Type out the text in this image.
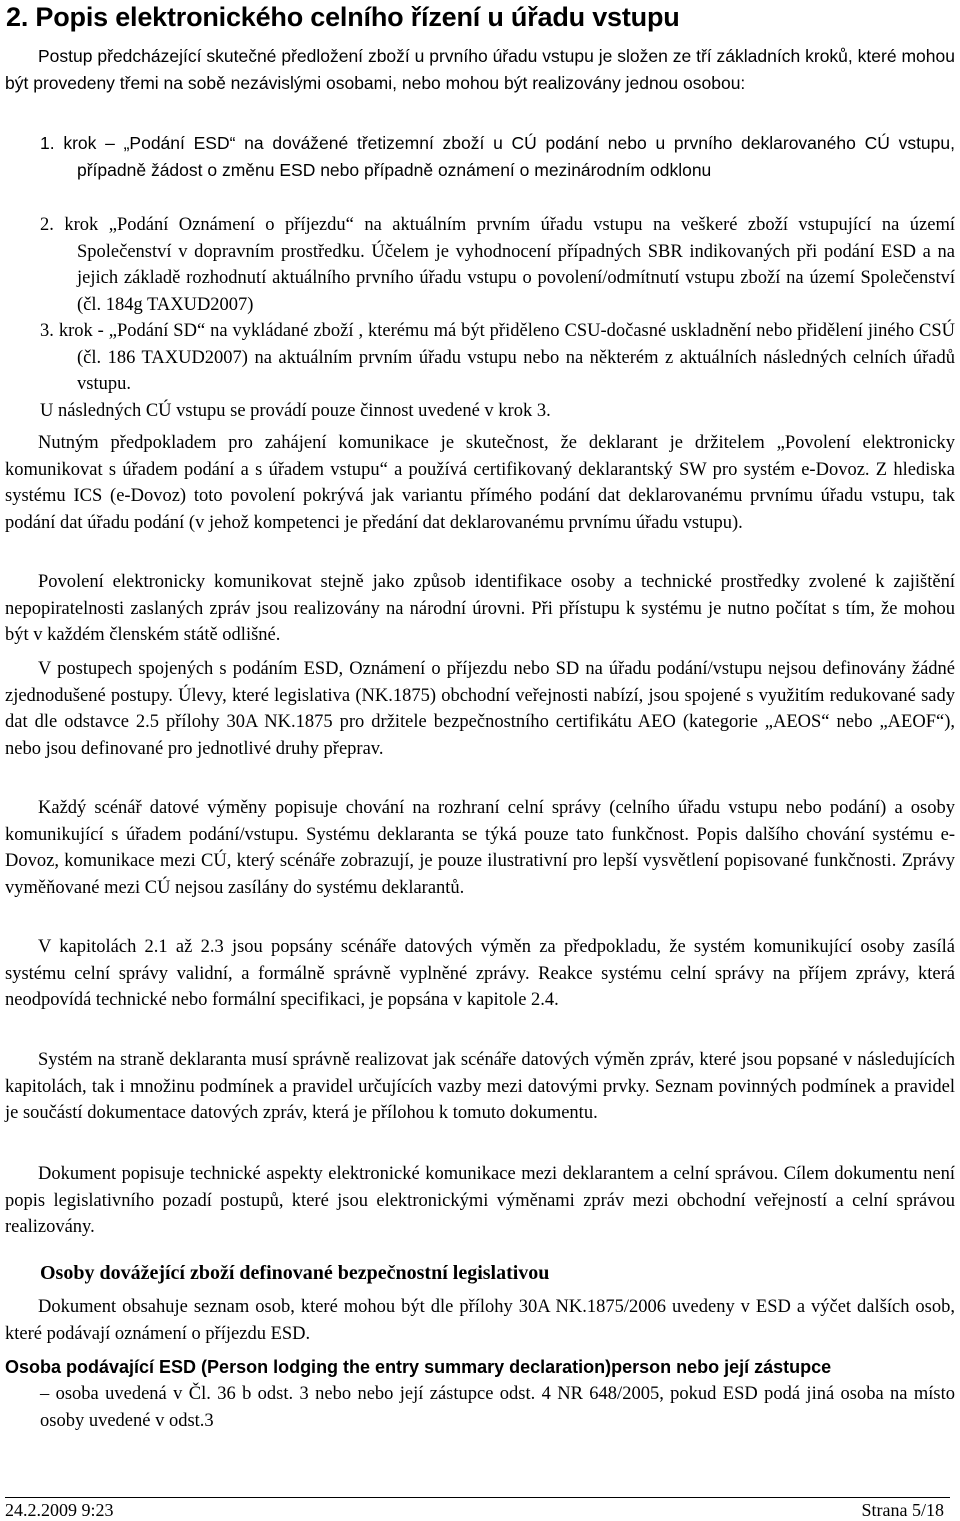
2. Popis elektronického celního řízení u úřadu vstupu

Postup předcházející skutečné předložení zboží u prvního úřadu vstupu je složen ze tří základních kroků, které mohou být provedeny třemi na sobě nezávislými osobami, nebo mohou být realizovány jednou osobou:

1. krok – „Podání ESD“ na dovážené třetizemní zboží u CÚ podání nebo u prvního deklarovaného CÚ vstupu, případně žádost o změnu ESD nebo případně oznámení o mezinárodním odklonu
2. krok „Podání Oznámení o příjezdu“ na aktuálním prvním úřadu vstupu na veškeré zboží vstupující na území Společenství v dopravním prostředku. Účelem je vyhodnocení případných SBR indikovaných při podání ESD a na jejich základě rozhodnutí aktuálního prvního úřadu vstupu o povolení/odmítnutí vstupu zboží na území Společenství (čl. 184g TAXUD2007)
3. krok - „Podání SD“ na vykládané zboží , kterému má být přiděleno CSU-dočasné uskladnění nebo přidělení jiného CSÚ (čl. 186 TAXUD2007) na aktuálním prvním úřadu vstupu nebo na některém z aktuálních následných celních úřadů vstupu.

U následných CÚ vstupu se provádí pouze činnost uvedené v krok 3.

Nutným předpokladem pro zahájení komunikace je skutečnost, že deklarant je držitelem „Povolení elektronicky komunikovat s úřadem podání a s úřadem vstupu“ a používá certifikovaný deklarantský SW pro systém e-Dovoz. Z hlediska systému ICS (e-Dovoz) toto povolení pokrývá jak variantu přímého podání dat deklarovanému prvnímu úřadu vstupu, tak podání dat úřadu podání (v jehož kompetenci je předání dat deklarovanému prvnímu úřadu vstupu).

Povolení elektronicky komunikovat stejně jako způsob identifikace osoby a technické prostředky zvolené k zajištění nepopiratelnosti zaslaných zpráv jsou realizovány na národní úrovni. Při přístupu k systému je nutno počítat s tím, že mohou být v každém členském státě odlišné.

V postupech spojených s podáním ESD, Oznámení o příjezdu nebo SD na úřadu podání/vstupu nejsou definovány žádné zjednodušené postupy. Úlevy, které legislativa (NK.1875) obchodní veřejnosti nabízí, jsou spojené s využitím redukované sady dat dle odstavce 2.5 přílohy 30A NK.1875 pro držitele bezpečnostního certifikátu AEO (kategorie „AEOS“ nebo „AEOF“), nebo jsou definované pro jednotlivé druhy přeprav.

Každý scénář datové výměny popisuje chování na rozhraní celní správy (celního úřadu vstupu nebo podání) a osoby komunikující s úřadem podání/vstupu. Systému deklaranta se týká pouze tato funkčnost. Popis dalšího chování systému e-Dovoz, komunikace mezi CÚ, který scénáře zobrazují, je pouze ilustrativní pro lepší vysvětlení popisované funkčnosti. Zprávy vyměňované mezi CÚ nejsou zasílány do systému deklarantů.

V kapitolách 2.1 až 2.3 jsou popsány scénáře datových výměn za předpokladu, že systém komunikující osoby zasílá systému celní správy validní, a formálně správně vyplněné zprávy. Reakce systému celní správy na příjem zprávy, která neodpovídá technické nebo formální specifikaci, je popsána v kapitole 2.4.

Systém na straně deklaranta musí správně realizovat jak scénáře datových výměn zpráv, které jsou popsané v následujících kapitolách, tak i množinu podmínek a pravidel určujících vazby mezi datovými prvky. Seznam povinných podmínek a pravidel je součástí dokumentace datových zpráv, která je přílohou k tomuto dokumentu.

Dokument popisuje technické aspekty elektronické komunikace mezi deklarantem a celní správou. Cílem dokumentu není popis legislativního pozadí postupů, které jsou elektronickými výměnami zpráv mezi obchodní veřejností a celní správou realizovány.

Osoby dovážející zboží definované bezpečnostní legislativou

Dokument obsahuje seznam osob, které mohou být dle přílohy 30A NK.1875/2006 uvedeny v ESD a výčet dalších osob, které podávají oznámení o příjezdu ESD.

Osoba podávající ESD (Person lodging the entry summary declaration)person nebo její zástupce

– osoba uvedená v Čl. 36 b odst. 3 nebo nebo její zástupce odst. 4 NR 648/2005, pokud ESD podá jiná osoba na místo osoby uvedené v odst.3

24.2.2009 9:23	Strana 5/18
